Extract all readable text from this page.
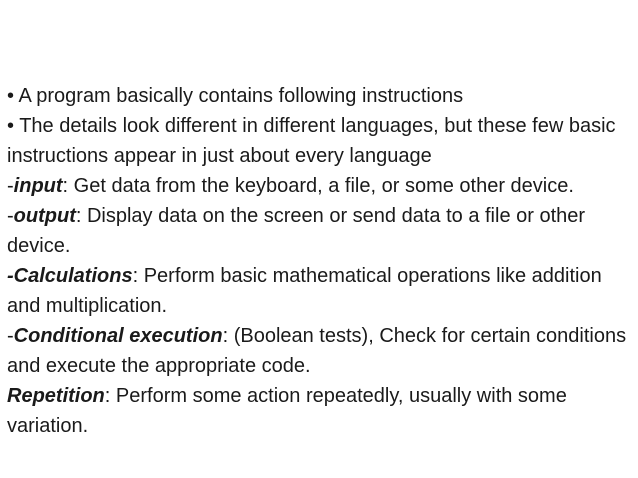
• A program basically contains following instructions

• The details look different in different languages, but these few basic instructions appear in just about every language

-input: Get data from the keyboard, a file, or some other device.

-output: Display data on the screen or send data to a file or other device.

-Calculations: Perform basic mathematical operations like addition and multiplication.

-Conditional execution: (Boolean tests), Check for certain conditions and execute the appropriate code.

Repetition: Perform some action repeatedly, usually with some variation.
